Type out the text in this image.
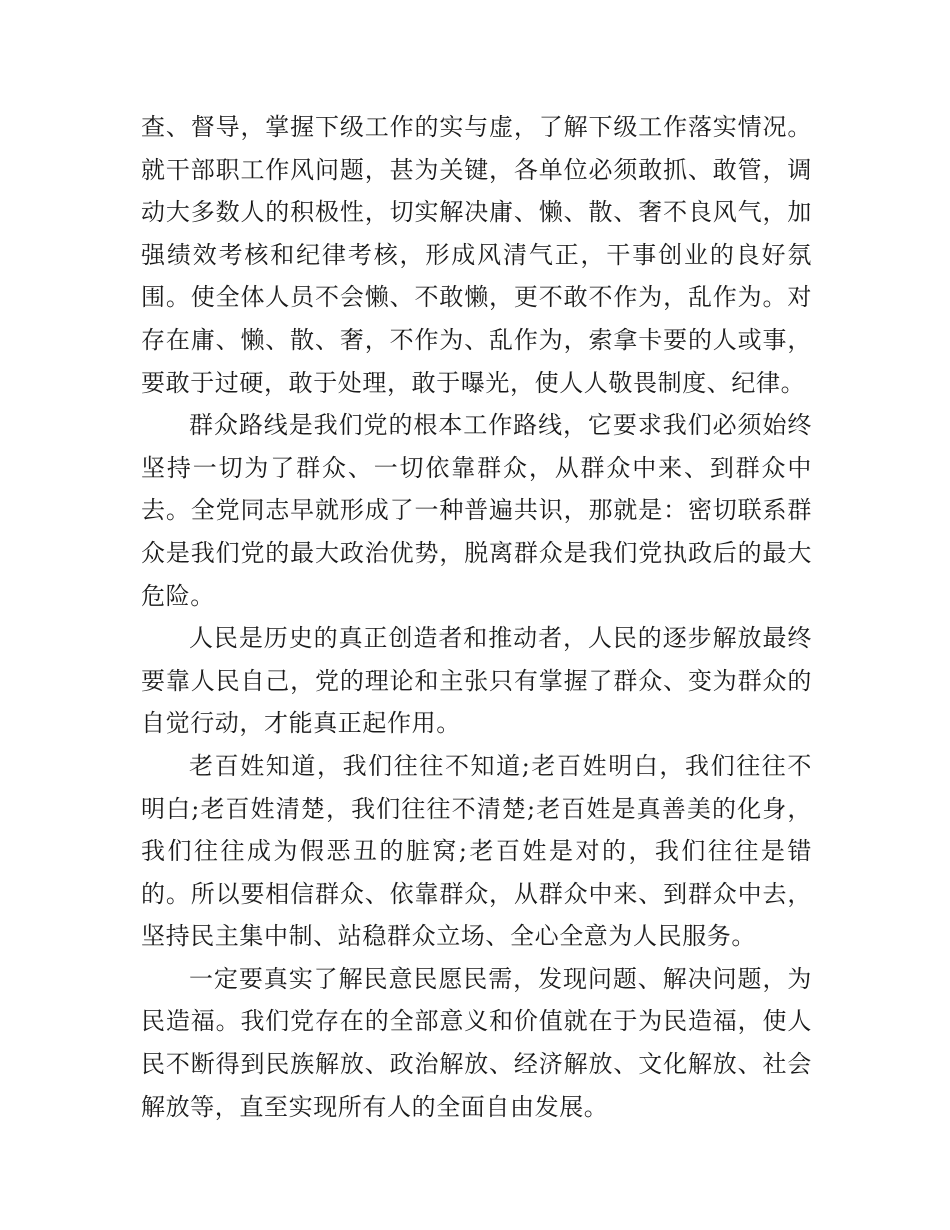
查、督导，掌握下级工作的实与虚，了解下级工作落实情况。就干部职工作风问题，甚为关键，各单位必须敢抓、敢管，调动大多数人的积极性，切实解决庸、懒、散、奢不良风气，加强绩效考核和纪律考核，形成风清气正，干事创业的良好氛围。使全体人员不会懒、不敢懒，更不敢不作为，乱作为。对存在庸、懒、散、奢，不作为、乱作为，索拿卡要的人或事，要敢于过硬，敢于处理，敢于曝光，使人人敬畏制度、纪律。

群众路线是我们党的根本工作路线，它要求我们必须始终坚持一切为了群众、一切依靠群众，从群众中来、到群众中去。全党同志早就形成了一种普遍共识，那就是：密切联系群众是我们党的最大政治优势，脱离群众是我们党执政后的最大危险。

人民是历史的真正创造者和推动者，人民的逐步解放最终要靠人民自己，党的理论和主张只有掌握了群众、变为群众的自觉行动，才能真正起作用。

老百姓知道，我们往往不知道;老百姓明白，我们往往不明白;老百姓清楚，我们往往不清楚;老百姓是真善美的化身，我们往往成为假恶丑的脏窝;老百姓是对的，我们往往是错的。所以要相信群众、依靠群众，从群众中来、到群众中去，坚持民主集中制、站稳群众立场、全心全意为人民服务。

一定要真实了解民意民愿民需，发现问题、解决问题，为民造福。我们党存在的全部意义和价值就在于为民造福，使人民不断得到民族解放、政治解放、经济解放、文化解放、社会解放等，直至实现所有人的全面自由发展。
